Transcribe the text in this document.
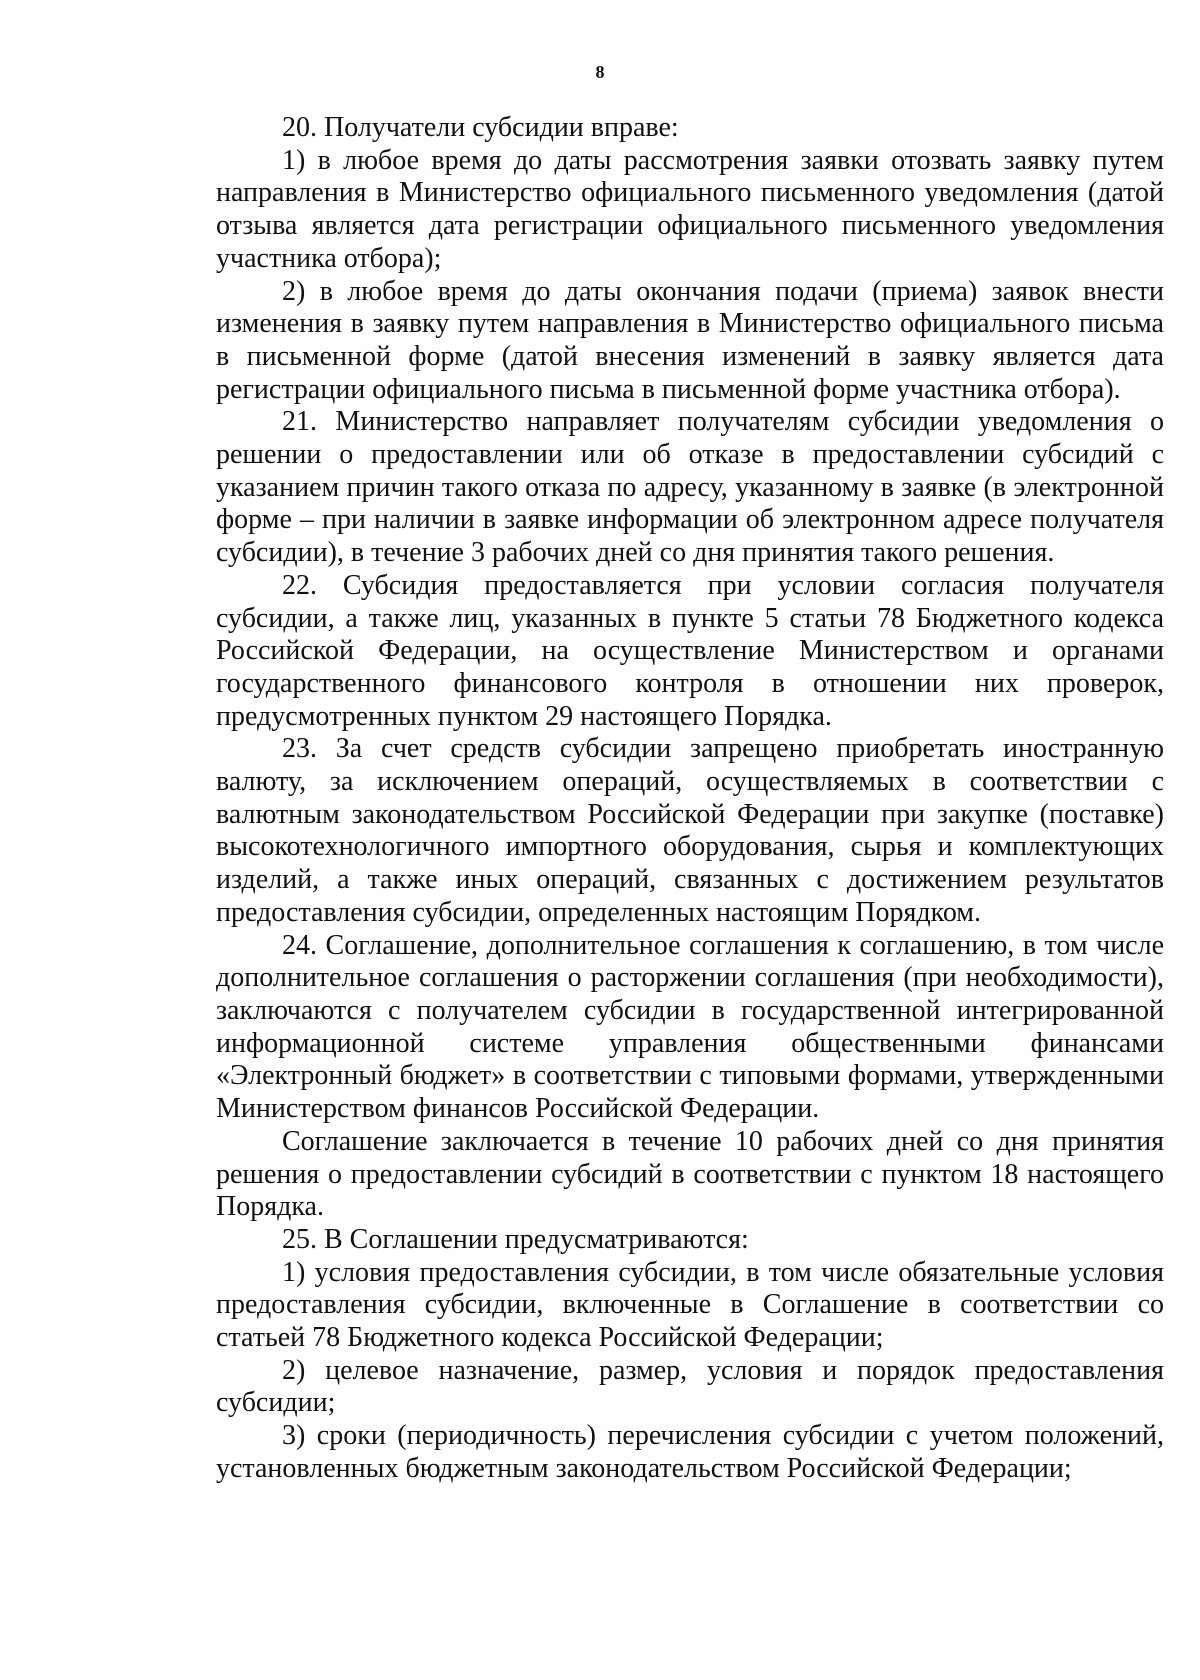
8

20. Получатели субсидии вправе:

1) в любое время до даты рассмотрения заявки отозвать заявку путем направления в Министерство официального письменного уведомления (датой отзыва является дата регистрации официального письменного уведомления участника отбора);

2) в любое время до даты окончания подачи (приема) заявок внести изменения в заявку путем направления в Министерство официального письма в письменной форме (датой внесения изменений в заявку является дата регистрации официального письма в письменной форме участника отбора).

21. Министерство направляет получателям субсидии уведомления о решении о предоставлении или об отказе в предоставлении субсидий с указанием причин такого отказа по адресу, указанному в заявке (в электронной форме – при наличии в заявке информации об электронном адресе получателя субсидии), в течение 3 рабочих дней со дня принятия такого решения.

22. Субсидия предоставляется при условии согласия получателя субсидии, а также лиц, указанных в пункте 5 статьи 78 Бюджетного кодекса Российской Федерации, на осуществление Министерством и органами государственного финансового контроля в отношении них проверок, предусмотренных пунктом 29 настоящего Порядка.

23. За счет средств субсидии запрещено приобретать иностранную валюту, за исключением операций, осуществляемых в соответствии с валютным законодательством Российской Федерации при закупке (поставке) высокотехнологичного импортного оборудования, сырья и комплектующих изделий, а также иных операций, связанных с достижением результатов предоставления субсидии, определенных настоящим Порядком.

24. Соглашение, дополнительное соглашения к соглашению, в том числе дополнительное соглашения о расторжении соглашения (при необходимости), заключаются с получателем субсидии в государственной интегрированной информационной системе управления общественными финансами «Электронный бюджет» в соответствии с типовыми формами, утвержденными Министерством финансов Российской Федерации.

Соглашение заключается в течение 10 рабочих дней со дня принятия решения о предоставлении субсидий в соответствии с пунктом 18 настоящего Порядка.

25. В Соглашении предусматриваются:

1) условия предоставления субсидии, в том числе обязательные условия предоставления субсидии, включенные в Соглашение в соответствии со статьей 78 Бюджетного кодекса Российской Федерации;

2) целевое назначение, размер, условия и порядок предоставления субсидии;

3) сроки (периодичность) перечисления субсидии с учетом положений, установленных бюджетным законодательством Российской Федерации;
